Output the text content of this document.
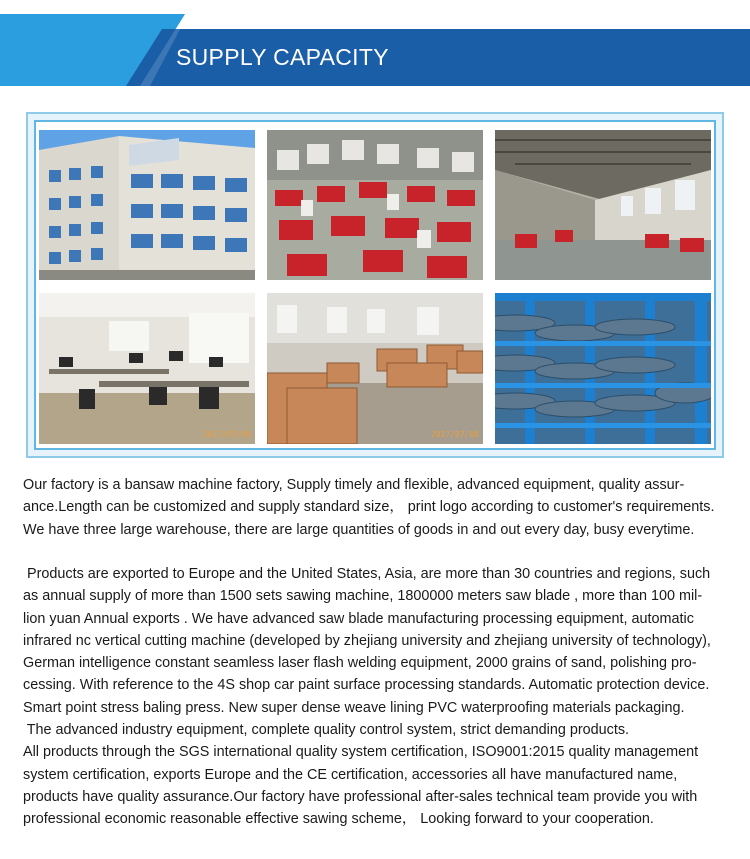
SUPPLY CAPACITY
2017/07/08	2017/07/08
Our factory is a bansaw machine factory, Supply timely and flexible, advanced equipment, quality assur-
ance.Length can be customized and supply standard size， print logo according to customer's requirements.
We have three large warehouse, there are large quantities of goods in and out every day, busy everytime.
Products are exported to Europe and the United States, Asia, are more than 30 countries and regions, such
as annual supply of more than 1500 sets sawing machine, 1800000 meters saw blade , more than 100 mil-
lion yuan Annual exports . We have advanced saw blade manufacturing processing equipment, automatic
infrared nc vertical cutting machine (developed by zhejiang university and zhejiang university of technology),
German intelligence constant seamless laser flash welding equipment, 2000 grains of sand, polishing pro-
cessing. With reference to the 4S shop car paint surface processing standards. Automatic protection device.
Smart point stress baling press. New super dense weave lining PVC waterproofing materials packaging.
The advanced industry equipment, complete quality control system, strict demanding products.
All products through the SGS international quality system certification, ISO9001:2015 quality management
system certification, exports Europe and the CE certification, accessories all have manufactured name,
products have quality assurance.Our factory have professional after-sales technical team provide you with
professional economic reasonable effective sawing scheme， Looking forward to your cooperation.
